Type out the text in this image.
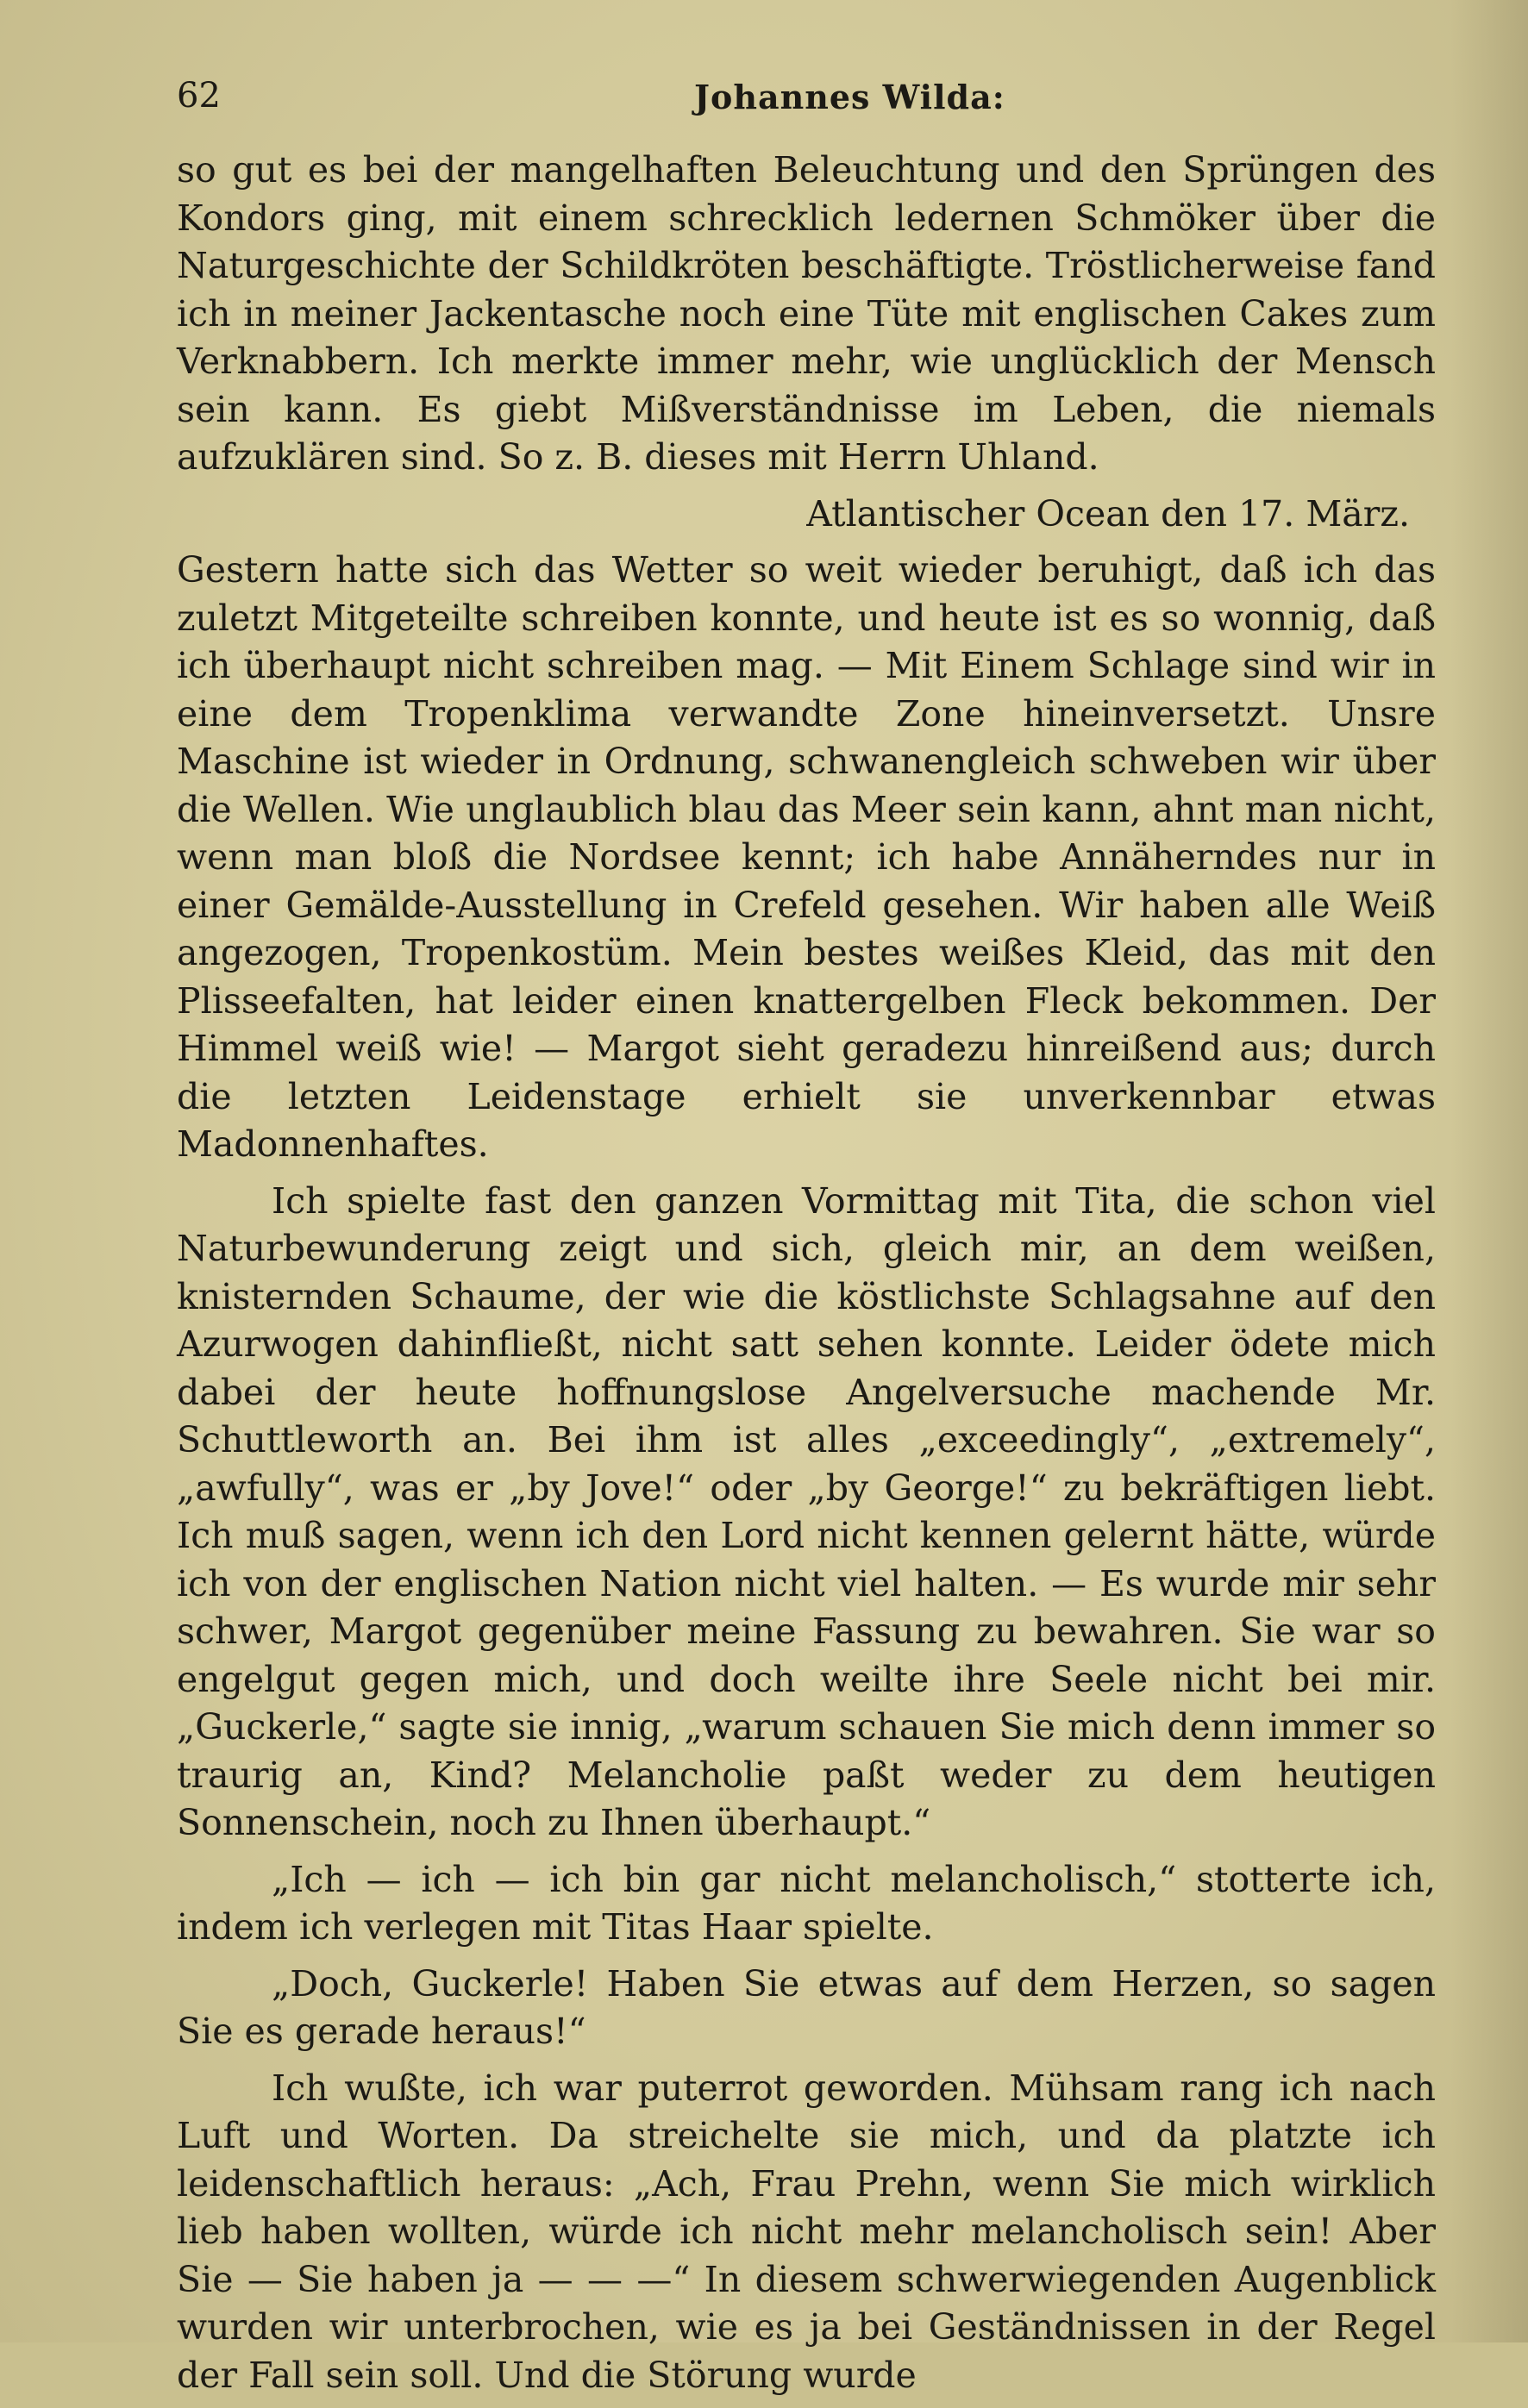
62	Johannes Wilda:

so gut es bei der mangelhaften Beleuchtung und den Sprüngen des Kondors ging, mit einem schrecklich ledernen Schmöker über die Naturgeschichte der Schildkröten beschäftigte. Tröstlicherweise fand ich in meiner Jackentasche noch eine Tüte mit englischen Cakes zum Verknabbern. Ich merkte immer mehr, wie unglücklich der Mensch sein kann. Es giebt Mißverständnisse im Leben, die niemals aufzuklären sind. So z. B. dieses mit Herrn Uhland.

Atlantischer Ocean den 17. März.

Gestern hatte sich das Wetter so weit wieder beruhigt, daß ich das zuletzt Mitgeteilte schreiben konnte, und heute ist es so wonnig, daß ich überhaupt nicht schreiben mag. — Mit Einem Schlage sind wir in eine dem Tropenklima verwandte Zone hineinversetzt. Unsre Maschine ist wieder in Ordnung, schwanengleich schweben wir über die Wellen. Wie unglaublich blau das Meer sein kann, ahnt man nicht, wenn man bloß die Nordsee kennt; ich habe Annäherndes nur in einer Gemälde-Ausstellung in Crefeld gesehen. Wir haben alle Weiß angezogen, Tropenkostüm. Mein bestes weißes Kleid, das mit den Plisseefalten, hat leider einen knattergelben Fleck bekommen. Der Himmel weiß wie! — Margot sieht geradezu hinreißend aus; durch die letzten Leidenstage erhielt sie unverkennbar etwas Madonnenhaftes.

Ich spielte fast den ganzen Vormittag mit Tita, die schon viel Naturbewunderung zeigt und sich, gleich mir, an dem weißen, knisternden Schaume, der wie die köstlichste Schlagsahne auf den Azurwogen dahinfließt, nicht satt sehen konnte. Leider ödete mich dabei der heute hoffnungslose Angelversuche machende Mr. Schuttleworth an. Bei ihm ist alles „exceedingly“, „extremely“, „awfully“, was er „by Jove!“ oder „by George!“ zu bekräftigen liebt. Ich muß sagen, wenn ich den Lord nicht kennen gelernt hätte, würde ich von der englischen Nation nicht viel halten. — Es wurde mir sehr schwer, Margot gegenüber meine Fassung zu bewahren. Sie war so engelgut gegen mich, und doch weilte ihre Seele nicht bei mir. „Guckerle,“ sagte sie innig, „warum schauen Sie mich denn immer so traurig an, Kind? Melancholie paßt weder zu dem heutigen Sonnenschein, noch zu Ihnen überhaupt.“

„Ich — ich — ich bin gar nicht melancholisch,“ stotterte ich, indem ich verlegen mit Titas Haar spielte.

„Doch, Guckerle! Haben Sie etwas auf dem Herzen, so sagen Sie es gerade heraus!“

Ich wußte, ich war puterrot geworden. Mühsam rang ich nach Luft und Worten. Da streichelte sie mich, und da platzte ich leidenschaftlich heraus: „Ach, Frau Prehn, wenn Sie mich wirklich lieb haben wollten, würde ich nicht mehr melancholisch sein! Aber Sie — Sie haben ja — — —“ In diesem schwerwiegenden Augenblick wurden wir unterbrochen, wie es ja bei Geständnissen in der Regel der Fall sein soll. Und die Störung wurde
